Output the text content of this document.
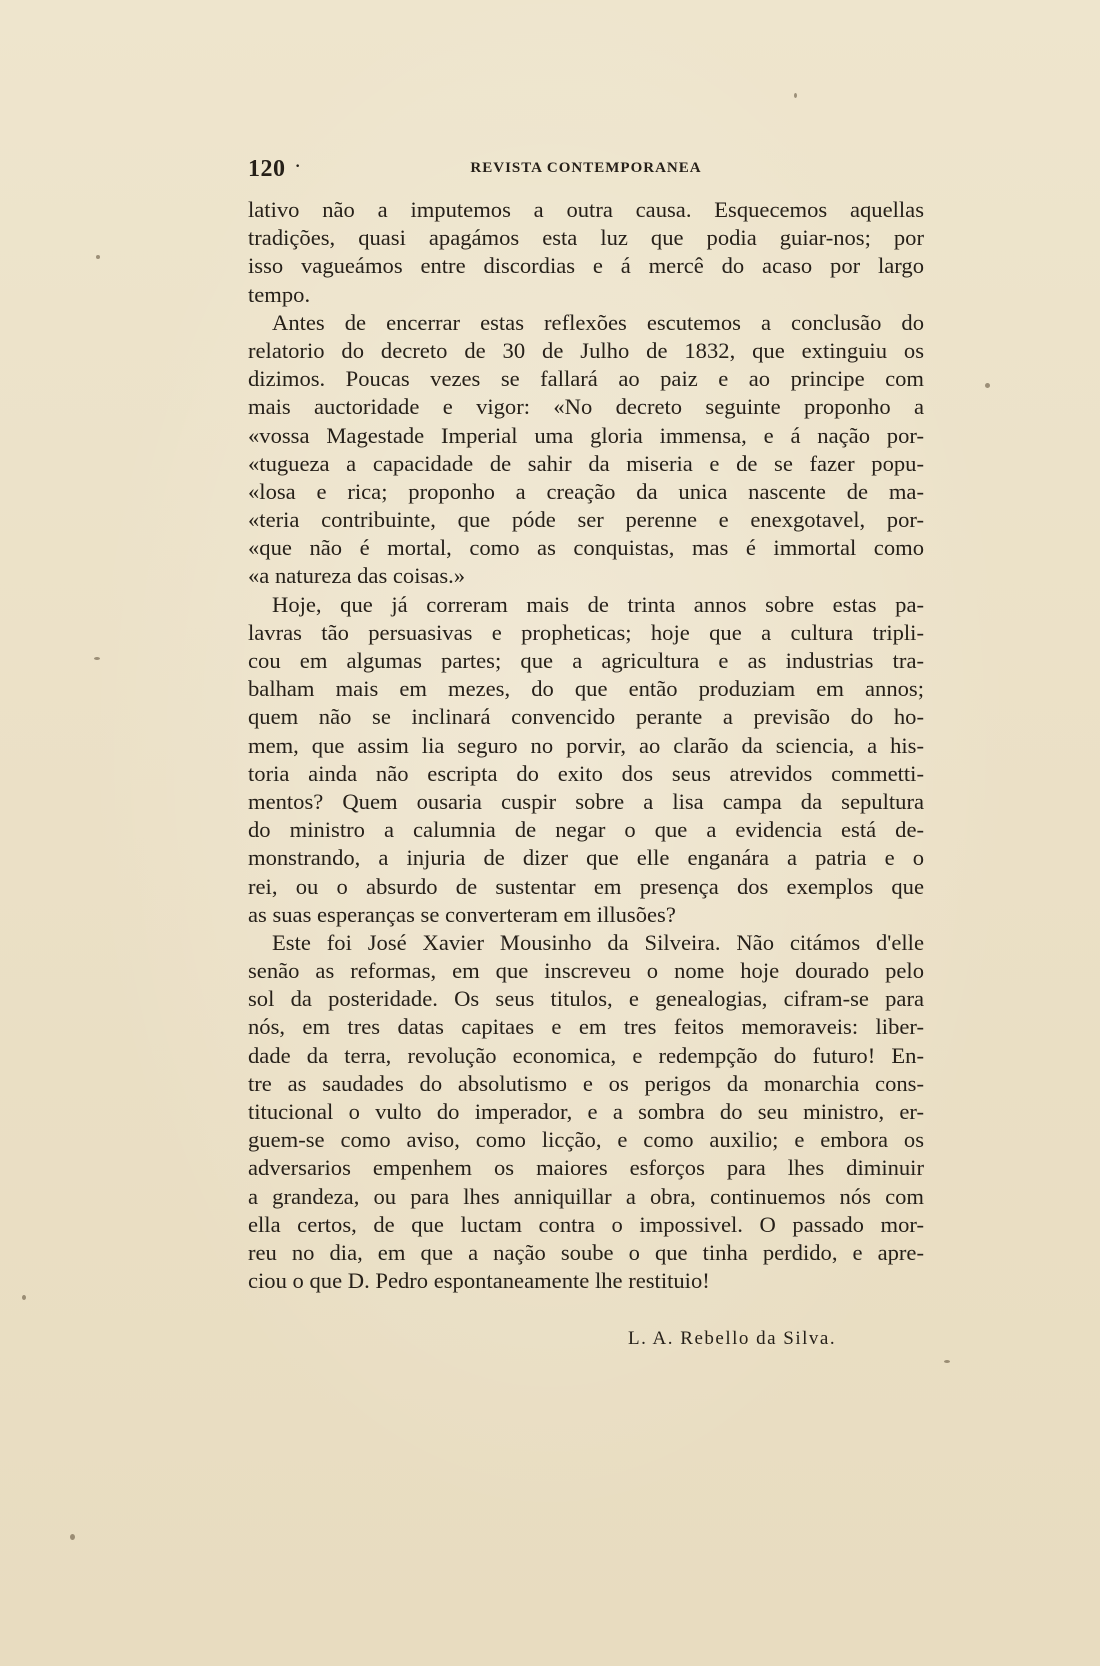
120 ·	REVISTA CONTEMPORANEA
lativo não a imputemos a outra causa. Esquecemos aquellas
tradições, quasi apagámos esta luz que podia guiar-nos; por
isso vagueámos entre discordias e á mercê do acaso por largo
tempo.
Antes de encerrar estas reflexões escutemos a conclusão do
relatorio do decreto de 30 de Julho de 1832, que extinguiu os
dizimos. Poucas vezes se fallará ao paiz e ao principe com
mais auctoridade e vigor: «No decreto seguinte proponho a
«vossa Magestade Imperial uma gloria immensa, e á nação por-
«tugueza a capacidade de sahir da miseria e de se fazer popu-
«losa e rica; proponho a creação da unica nascente de ma-
«teria contribuinte, que póde ser perenne e enexgotavel, por-
«que não é mortal, como as conquistas, mas é immortal como
«a natureza das coisas.»
Hoje, que já correram mais de trinta annos sobre estas pa-
lavras tão persuasivas e propheticas; hoje que a cultura tripli-
cou em algumas partes; que a agricultura e as industrias tra-
balham mais em mezes, do que então produziam em annos;
quem não se inclinará convencido perante a previsão do ho-
mem, que assim lia seguro no porvir, ao clarão da sciencia, a his-
toria ainda não escripta do exito dos seus atrevidos commetti-
mentos? Quem ousaria cuspir sobre a lisa campa da sepultura
do ministro a calumnia de negar o que a evidencia está de-
monstrando, a injuria de dizer que elle enganára a patria e o
rei, ou o absurdo de sustentar em presença dos exemplos que
as suas esperanças se converteram em illusões?
Este foi José Xavier Mousinho da Silveira. Não citámos d'elle
senão as reformas, em que inscreveu o nome hoje dourado pelo
sol da posteridade. Os seus titulos, e genealogias, cifram-se para
nós, em tres datas capitaes e em tres feitos memoraveis: liber-
dade da terra, revolução economica, e redempção do futuro! En-
tre as saudades do absolutismo e os perigos da monarchia cons-
titucional o vulto do imperador, e a sombra do seu ministro, er-
guem-se como aviso, como licção, e como auxilio; e embora os
adversarios empenhem os maiores esforços para lhes diminuir
a grandeza, ou para lhes anniquillar a obra, continuemos nós com
ella certos, de que luctam contra o impossivel. O passado mor-
reu no dia, em que a nação soube o que tinha perdido, e apre-
ciou o que D. Pedro espontaneamente lhe restituio!
L. A. Rebello da Silva.
